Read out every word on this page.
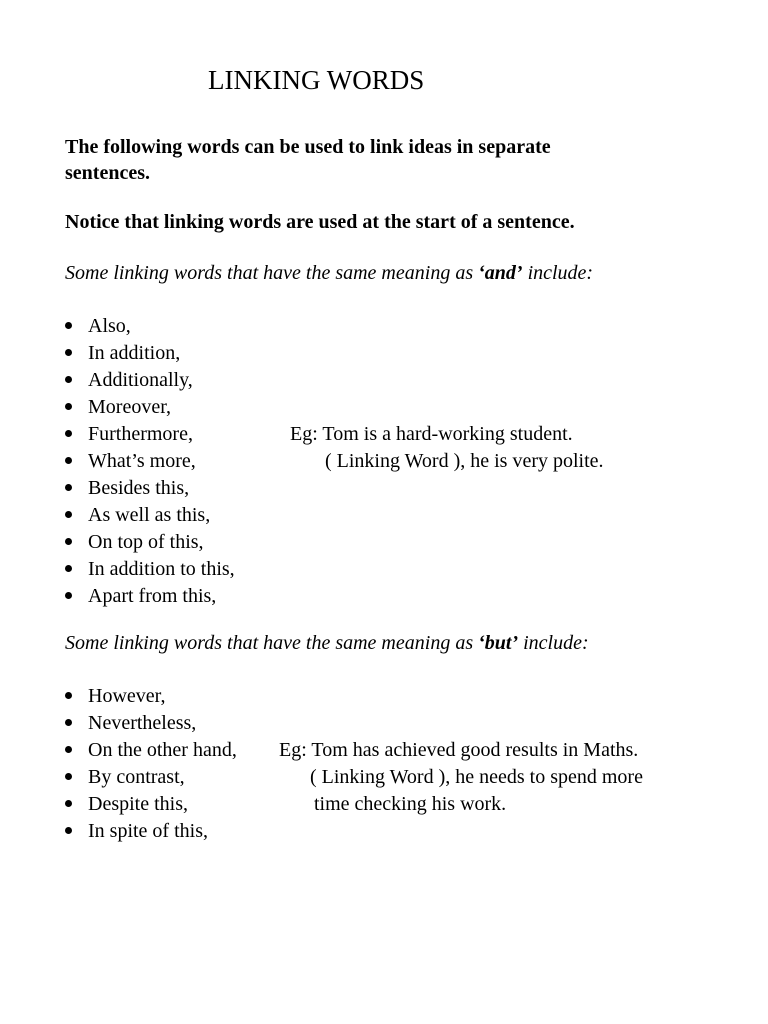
LINKING WORDS
The following words can be used to link ideas in separate
sentences.
Notice that linking words are used at the start of a sentence.
Some linking words that have the same meaning as ‘and’ include:
Also,
In addition,
Additionally,
Moreover,
Furthermore,
What’s more,
Besides this,
As well as this,
On top of this,
In addition to this,
Apart from this,
Eg: Tom is a hard-working student.
( Linking Word ), he is very polite.
Some linking words that have the same meaning as ‘but’ include:
However,
Nevertheless,
On the other hand,
By contrast,
Despite this,
In spite of this,
Eg: Tom has achieved good results in Maths.
( Linking Word ), he needs to spend more
time checking his work.
